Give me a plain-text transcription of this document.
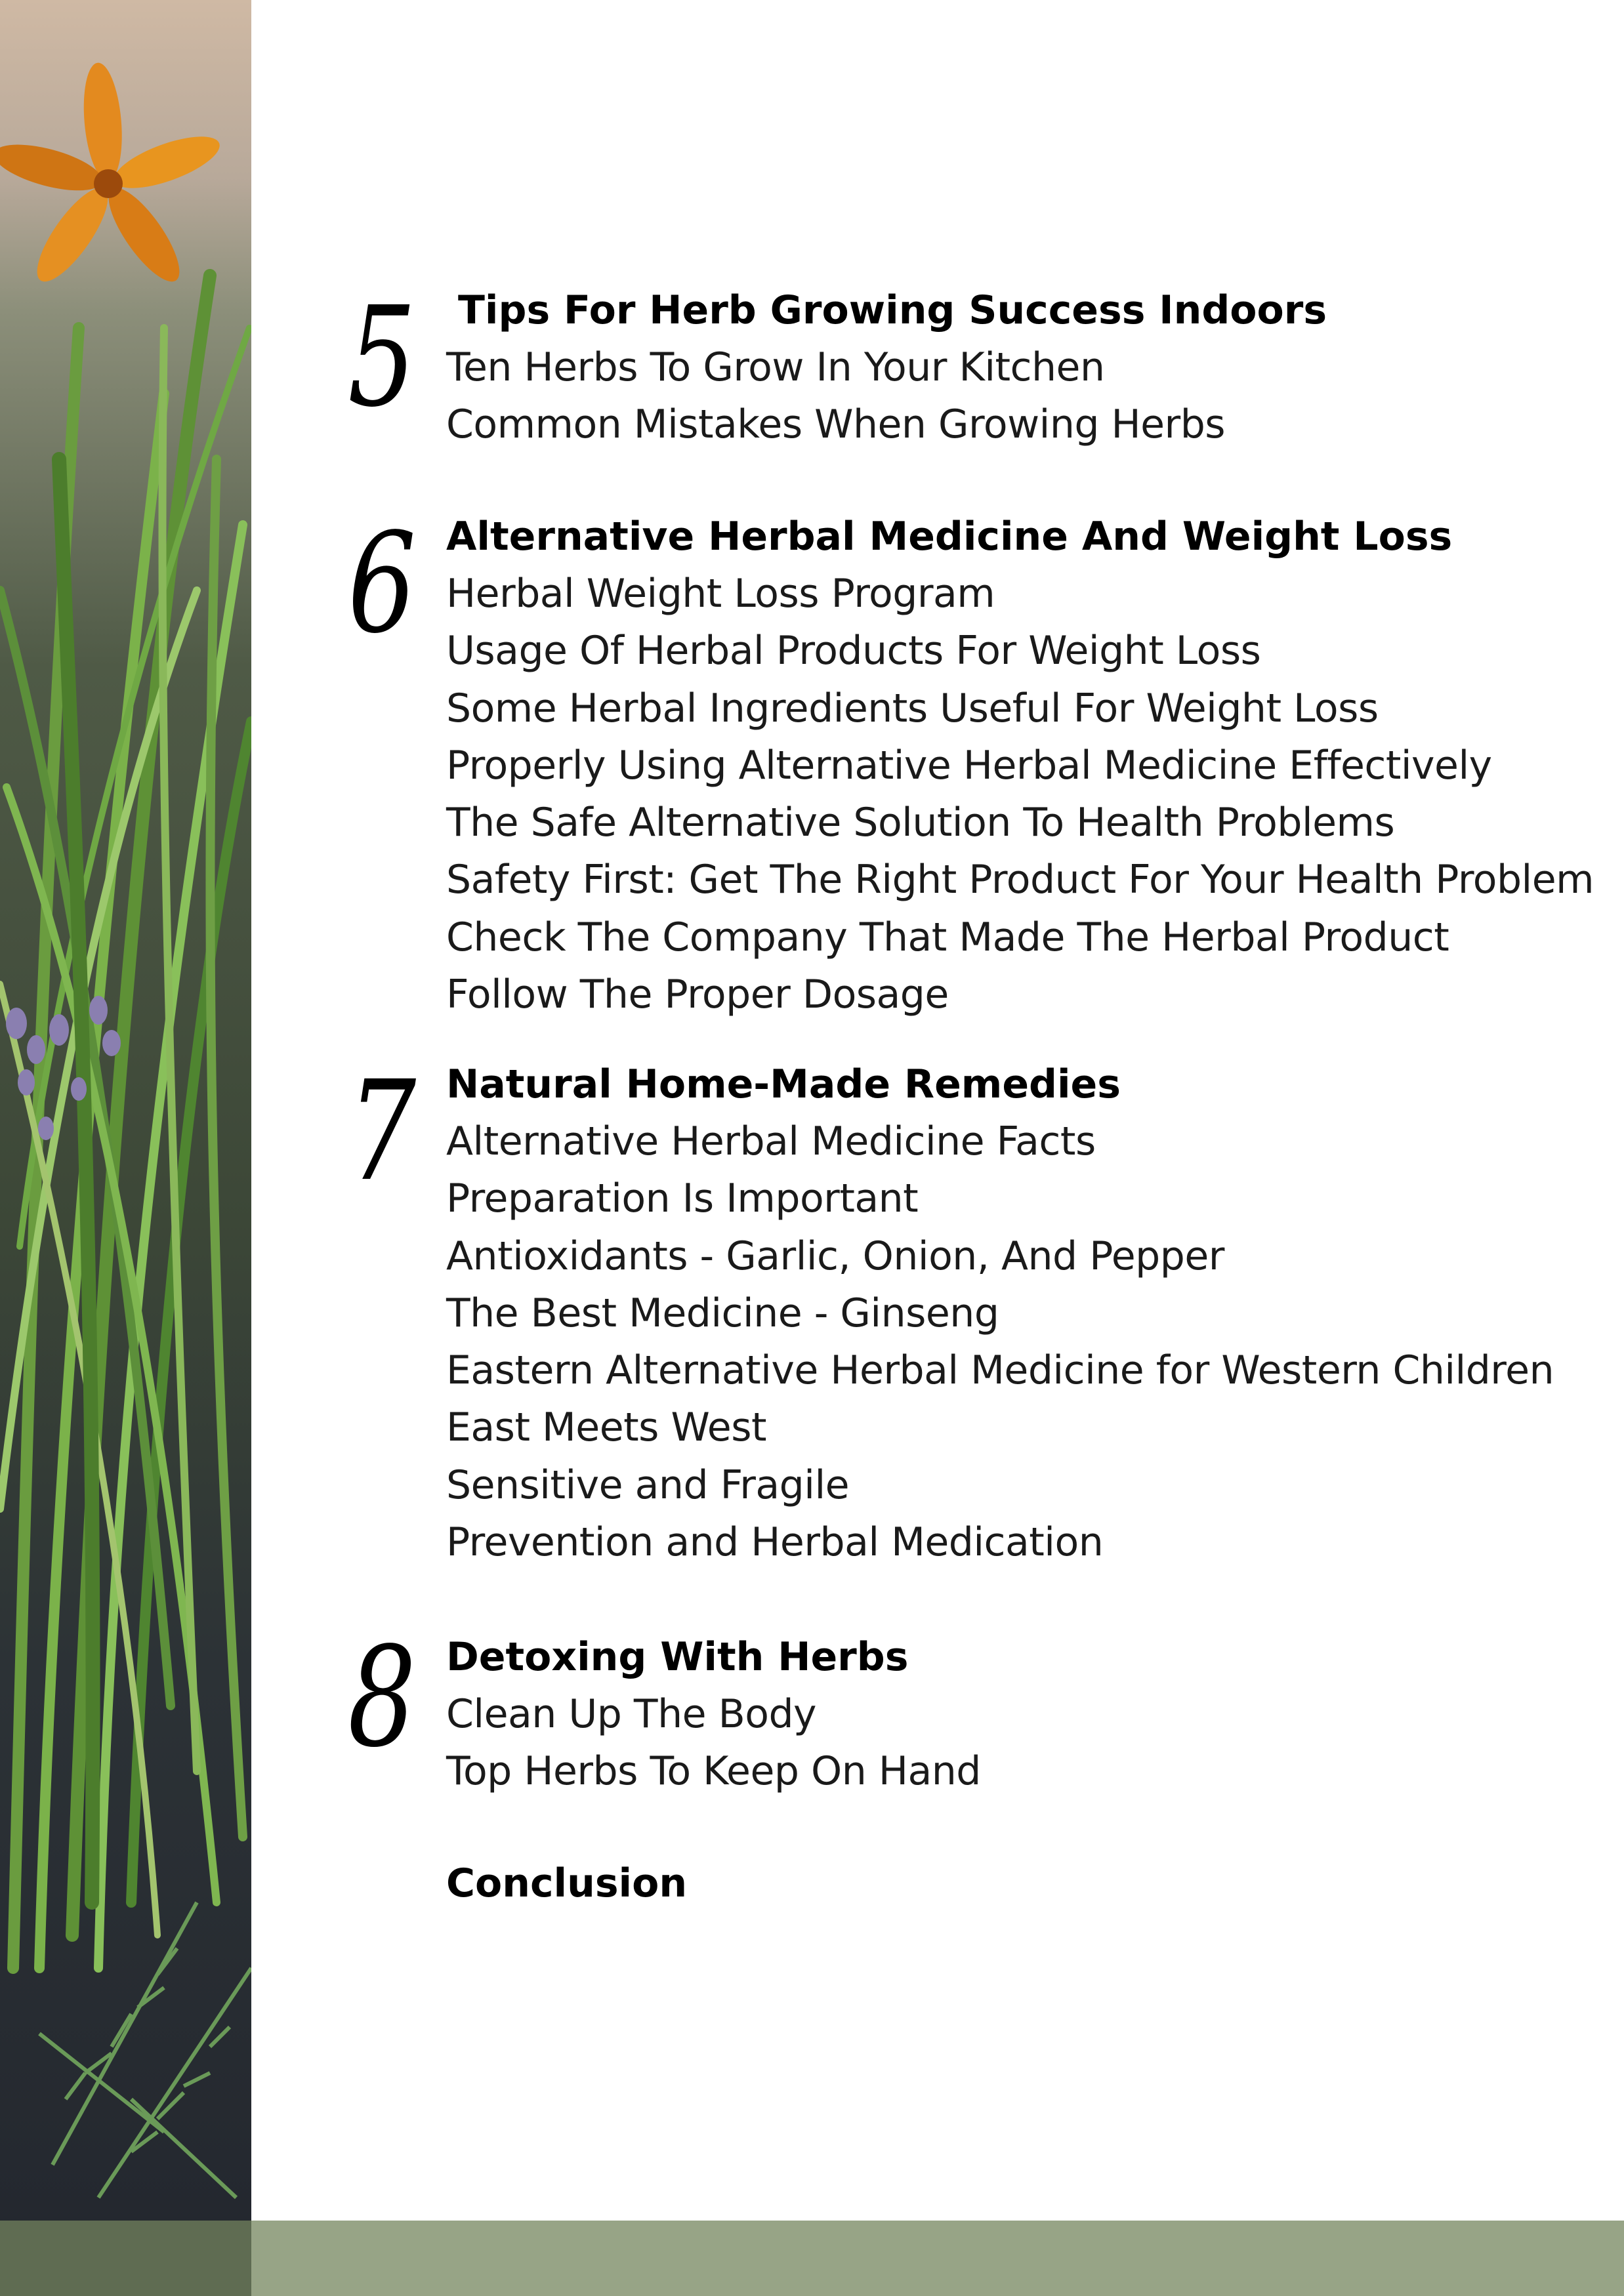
5 Tips For Herb Growing Success Indoors
Ten Herbs To Grow In Your Kitchen
Common Mistakes When Growing Herbs
6 Alternative Herbal Medicine And Weight Loss
Herbal Weight Loss Program
Usage Of Herbal Products For Weight Loss
Some Herbal Ingredients Useful For Weight Loss
Properly Using Alternative Herbal Medicine Effectively
The Safe Alternative Solution To Health Problems
Safety First: Get The Right Product For Your Health Problem
Check The Company That Made The Herbal Product
Follow The Proper Dosage
7 Natural Home-Made Remedies
Alternative Herbal Medicine Facts
Preparation Is Important
Antioxidants - Garlic, Onion, And Pepper
The Best Medicine - Ginseng
Eastern Alternative Herbal Medicine for Western Children
East Meets West
Sensitive and Fragile
Prevention and Herbal Medication
8 Detoxing With Herbs
Clean Up The Body
Top Herbs To Keep On Hand
Conclusion
